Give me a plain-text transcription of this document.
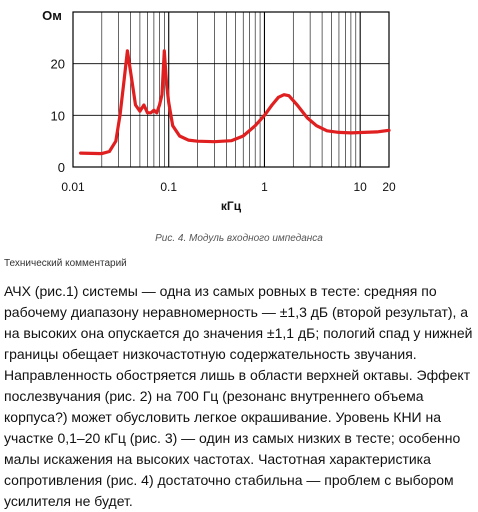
0
10
20
0.01	0.1	1	10 20
Ом
кГц
Рис. 4. Модуль входного импеданса
Технический комментарий
АЧХ (рис.1) системы — одна из самых ровных в тесте: средняя по рабочему диапазону неравномерность — ±1,3 дБ (второй результат), а на высоких она опускается до значения ±1,1 дБ; пологий спад у нижней границы обещает низкочастотную содержательность звучания. Направленность обостряется лишь в области верхней октавы. Эффект послезвучания (рис. 2) на 700 Гц (резонанс внутреннего объема корпуса?) может обусловить легкое окрашивание. Уровень КНИ на участке 0,1–20 кГц (рис. 3) — один из самых низких в тесте; особенно малы искажения на высоких частотах. Частотная характеристика сопротивления (рис. 4) достаточно стабильна — проблем с выбором усилителя не будет.
